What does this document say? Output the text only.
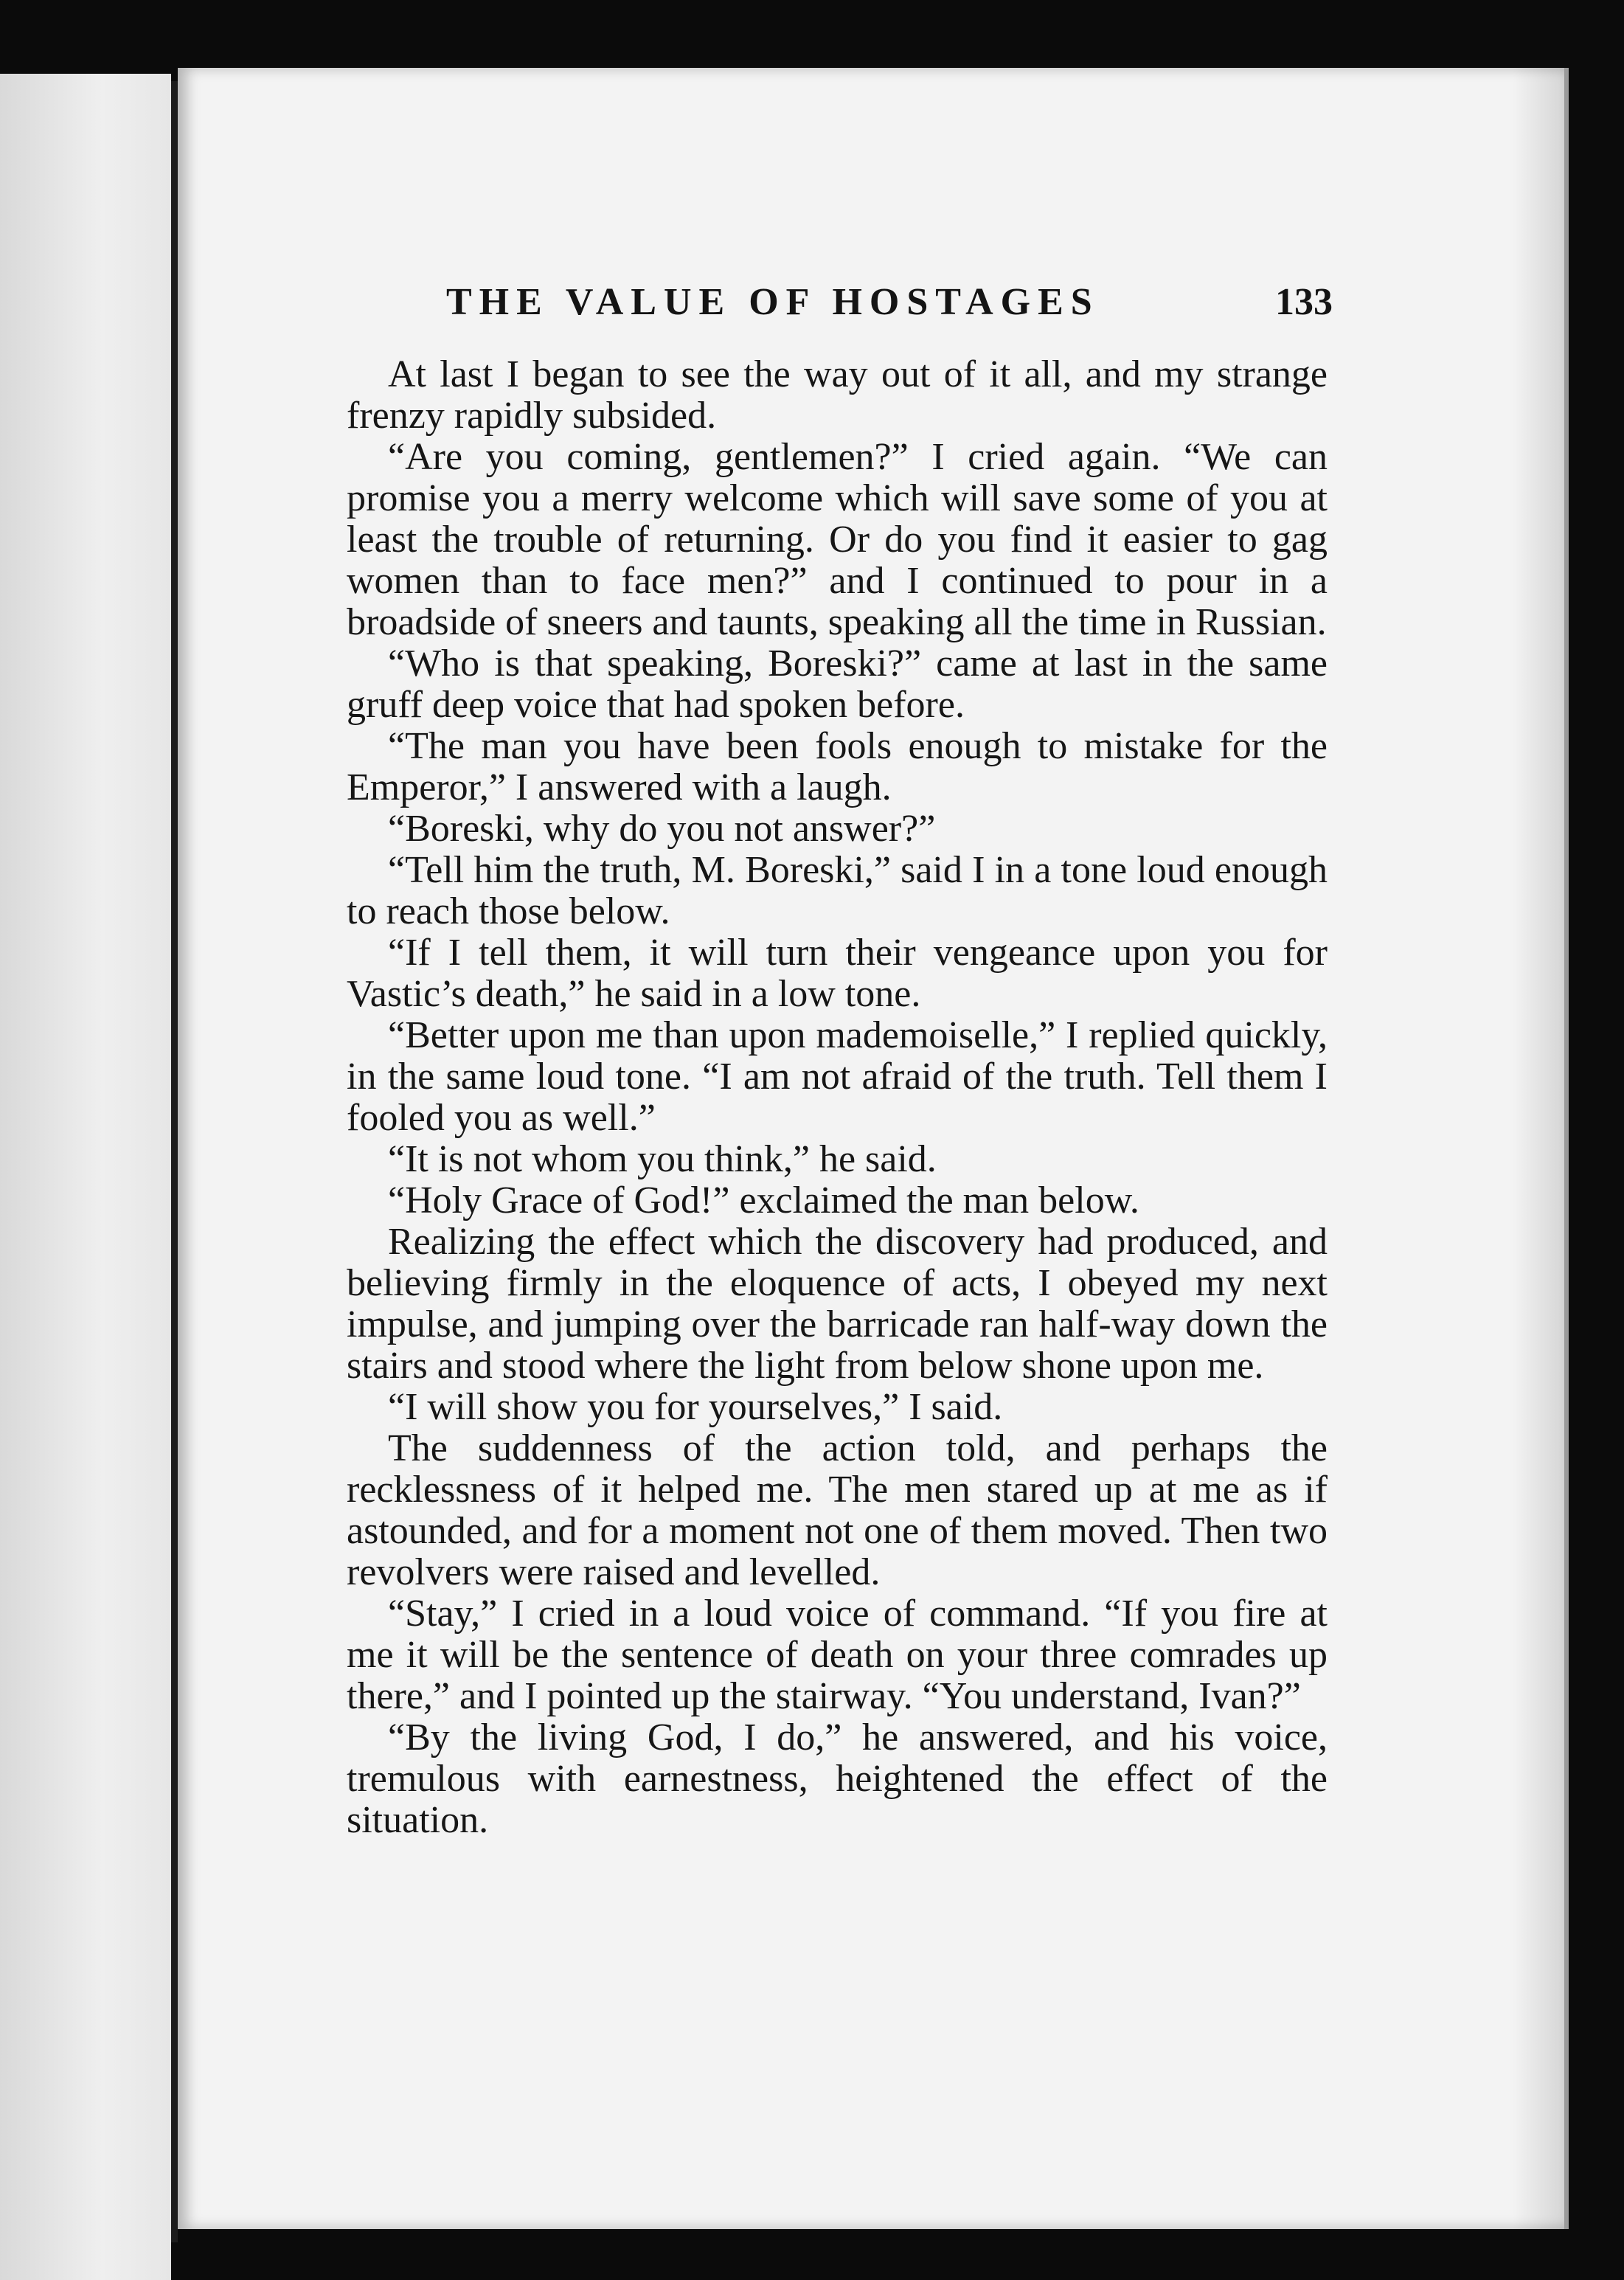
THE VALUE OF HOSTAGES	133

At last I began to see the way out of it all, and my strange frenzy rapidly subsided.

“Are you coming, gentlemen?” I cried again. “We can promise you a merry welcome which will save some of you at least the trouble of returning. Or do you find it easier to gag women than to face men?” and I continued to pour in a broadside of sneers and taunts, speaking all the time in Russian.

“Who is that speaking, Boreski?” came at last in the same gruff deep voice that had spoken before.

“The man you have been fools enough to mistake for the Emperor,” I answered with a laugh.

“Boreski, why do you not answer?”

“Tell him the truth, M. Boreski,” said I in a tone loud enough to reach those below.

“If I tell them, it will turn their vengeance upon you for Vastic’s death,” he said in a low tone.

“Better upon me than upon mademoiselle,” I replied quickly, in the same loud tone. “I am not afraid of the truth. Tell them I fooled you as well.”

“It is not whom you think,” he said.

“Holy Grace of God!” exclaimed the man below.

Realizing the effect which the discovery had produced, and believing firmly in the eloquence of acts, I obeyed my next impulse, and jumping over the barricade ran half-way down the stairs and stood where the light from below shone upon me.

“I will show you for yourselves,” I said.

The suddenness of the action told, and perhaps the recklessness of it helped me. The men stared up at me as if astounded, and for a moment not one of them moved. Then two revolvers were raised and levelled.

“Stay,” I cried in a loud voice of command. “If you fire at me it will be the sentence of death on your three comrades up there,” and I pointed up the stairway. “You understand, Ivan?”

“By the living God, I do,” he answered, and his voice, tremulous with earnestness, heightened the effect of the situation.
